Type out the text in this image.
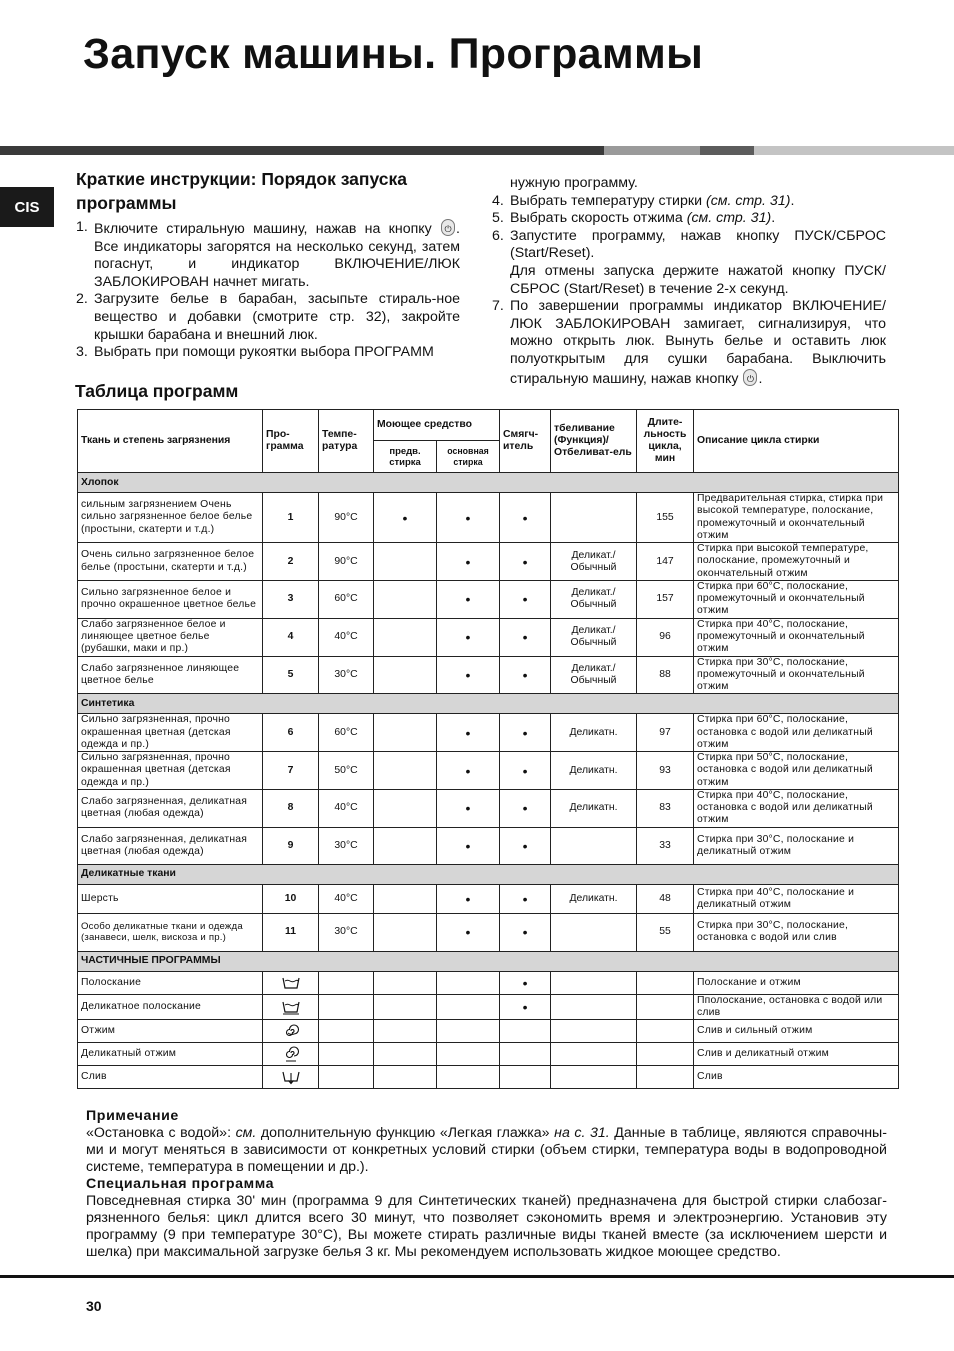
Запуск машины. Программы
CIS
Краткие инструкции: Порядок запуска программы
1. Включите стиральную машину, нажав на кнопку ⏻ . Все индикаторы загорятся на несколько секунд, затем погаснут, и индикатор ВКЛЮЧЕНИЕ/ЛЮК ЗАБЛОКИРОВАН начнет мигать.
2. Загрузите белье в барабан, засыпьте стираль-ное вещество и добавки (смотрите стр. 32), закройте крышки барабана и внешний люк.
3. Выбрать при помощи рукоятки выбора ПРОГРАММ
нужную программу.
4. Выбрать температуру стирки (см. стр. 31).
5. Выбрать скорость отжима (см. стр. 31).
6. Запустите программу, нажав кнопку ПУСК/СБРОС (Start/Reset).
Для отмены запуска держите нажатой кнопку ПУСК/СБРОС (Start/Reset) в течение 2-х секунд.
7. По завершении программы индикатор ВКЛЮЧЕНИЕ/ЛЮК ЗАБЛОКИРОВАН замигает, сигнализируя, что можно открыть люк. Вынуть белье и оставить люк полуоткрытым для сушки барабана. Выключить стиральную машину, нажав кнопку ⏻ .
Таблица программ
Ткань и степень загрязнения	Про-грамма	Темпе-ратура	Моющее средство		Смягч-итель	тбеливание (Функция)/ Отбеливат-ель	Длите-льность цикла, мин	Описание цикла стирки
			предв. стирка	основная стирка				
Хлопок								
сильным загрязнением Очень сильно загрязненное белое белье (простыни, скатерти и т.д.)	1	90°C	•	•	•		155	Предварительная стирка, стирка при высокой температуре, полоскание, промежуточный и окончательный отжим
Очень сильно загрязненное белое белье (простыни, скатерти и т.д.)	2	90°C		•	•	Деликат./ Обычный	147	Стирка при высокой температуре, полоскание, промежуточный и окончательный отжим
Сильно загрязненное белое и прочно окрашенное цветное белье	3	60°C		•	•	Деликат./ Обычный	157	Стирка при 60°C, полоскание, промежуточный и окончательный отжим
Слабо загрязненное белое и линяющее цветное белье (рубашки, маки и пр.)	4	40°C		•	•	Деликат./ Обычный	96	Стирка при 40°C, полоскание, промежуточный и окончательный отжим
Слабо загрязненное линяющее цветное белье	5	30°C		•	•	Деликат./ Обычный	88	Стирка при 30°C, полоскание, промежуточный и окончательный отжим
Синтетика								
Сильно загрязненная, прочно окрашенная цветная (детская одежда и пр.)	6	60°C		•	•	Деликатн.	97	Стирка при 60°C, полоскание, остановка с водой или деликатный отжим
Сильно загрязненная, прочно окрашенная цветная (детская одежда и пр.)	7	50°C		•	•	Деликатн.	93	Стирка при 50°C, полоскание, остановка с водой или деликатный отжим
Слабо загрязненная, деликатная цветная (любая одежда)	8	40°C		•	•	Деликатн.	83	Стирка при 40°C, полоскание, остановка с водой или деликатный отжим
Слабо загрязненная, деликатная цветная (любая одежда)	9	30°C		•	•		33	Стирка при 30°C, полоскание и деликатный отжим
Деликатные ткани								
Шерсть	10	40°C		•	•	Деликатн.	48	Стирка при 40°C, полоскание и деликатный отжим
Особо деликатные ткани и одежда (занавеси, шелк, вискоза и пр.)	11	30°C		•	•		55	Стирка при 30°C, полоскание, остановка с водой или слив
ЧАСТИЧНЫЕ ПРОГРАММЫ								
Полоскание					•			Полоскание и отжим
Деликатное полоскание					•			Пполоскание, остановка с водой или слив
Отжим								Слив и сильный отжим
Деликатный отжим								Слив и деликатный отжим
Слив								Слив
Примечание
«Остановка с водой»: см. дополнительную функцию «Легкая глажка» на с. 31. Данные в таблице, являются справочны-ми и могут меняться в зависимости от конкретных условий стирки (объем стирки, температура воды в водопроводной системе, температура в помещении и др.).
Специальная программа
Повседневная стирка 30' мин (программа 9 для Синтетических тканей) предназначена для быстрой стирки слабозаг-рязненного белья: цикл длится всего 30 минут, что позволяет сэкономить время и электроэнергию. Установив эту программу (9 при температуре 30°C), Вы можете стирать различные виды тканей вместе (за исключением шерсти и шелка) при максимальной загрузке белья 3 кг. Мы рекомендуем использовать жидкое моющее средство.
30
